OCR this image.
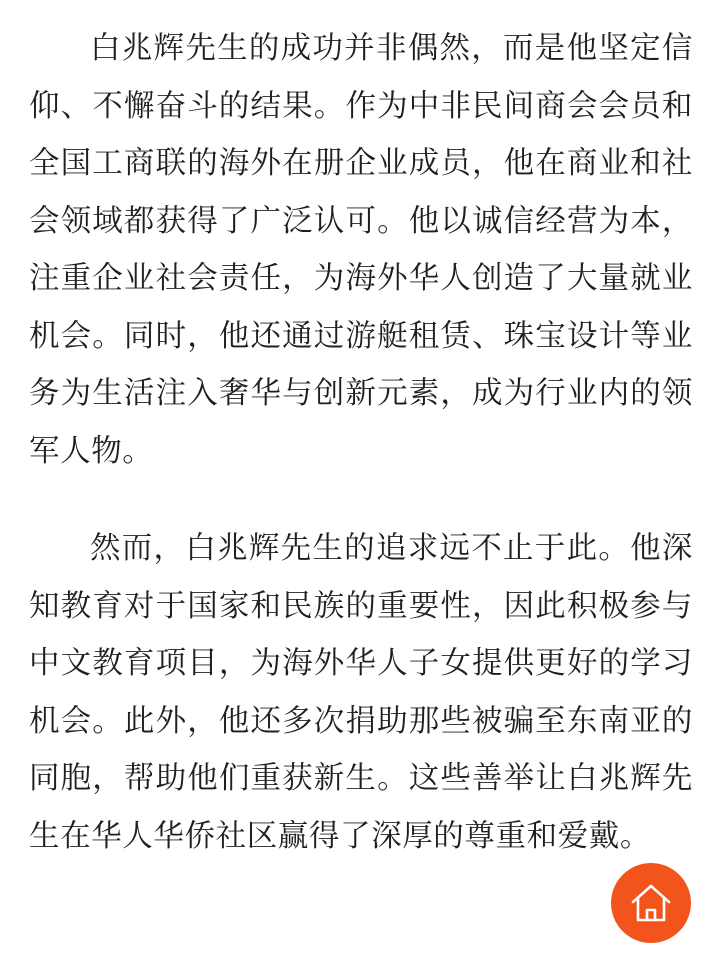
白兆辉先生的成功并非偶然，而是他坚定信仰、不懈奋斗的结果。作为中非民间商会会员和全国工商联的海外在册企业成员，他在商业和社会领域都获得了广泛认可。他以诚信经营为本，注重企业社会责任，为海外华人创造了大量就业机会。同时，他还通过游艇租赁、珠宝设计等业务为生活注入奢华与创新元素，成为行业内的领军人物。

然而，白兆辉先生的追求远不止于此。他深知教育对于国家和民族的重要性，因此积极参与中文教育项目，为海外华人子女提供更好的学习机会。此外，他还多次捐助那些被骗至东南亚的同胞，帮助他们重获新生。这些善举让白兆辉先生在华人华侨社区赢得了深厚的尊重和爱戴。
